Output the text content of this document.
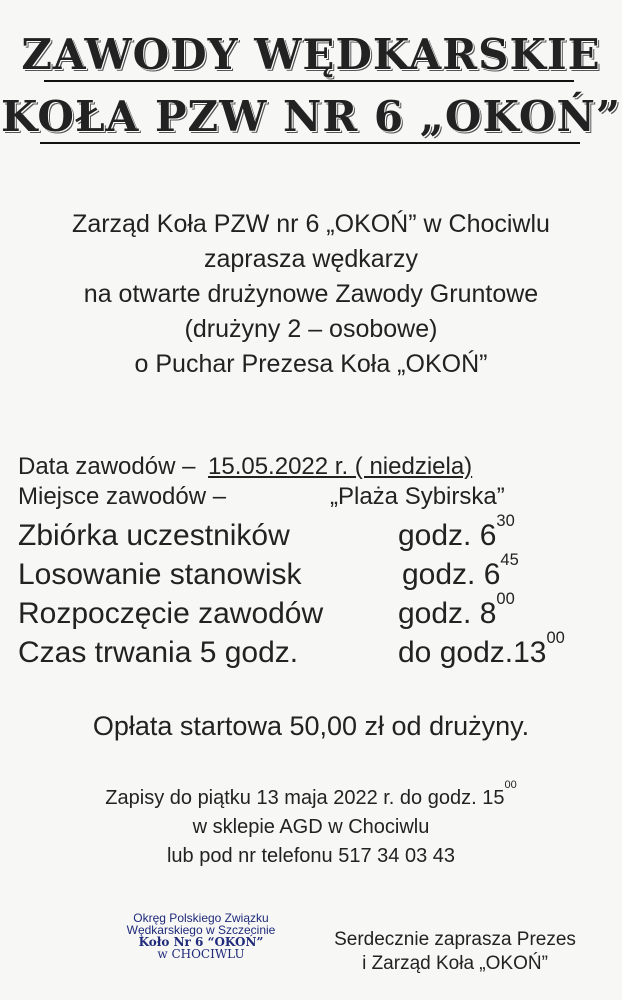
ZAWODY WĘDKARSKIE
KOŁA PZW NR 6 „OKOŃ”
Zarząd Koła PZW nr 6 „OKOŃ” w Chociwlu
zaprasza wędkarzy
na otwarte drużynowe Zawody Gruntowe
(drużyny 2 – osobowe)
o Puchar Prezesa Koła „OKOŃ”
Data zawodów – 15.05.2022 r. ( niedziela)
Miejsce zawodów –	„Plaża Sybirska”
Zbiórka uczestników	godz. $6^{30}$
Losowanie stanowisk	godz. $6^{45}$
Rozpoczęcie zawodów godz. $8^{00}$
Czas trwania 5 godz.	do $godz.13^{00}$
Opłata startowa 50,00 zł od drużyny.
Zapisy do piątku 13 maja 2022 r. do godz. $15^{00}$
w sklepie AGD w Chociwlu
lub pod nr telefonu 517 34 03 43
Okręg Polskiego Związku
Wędkarskiego w Szczecinie
Koło Nr 6 “OKOŃ”
w CHOCIWLU
Serdecznie zaprasza Prezes
i Zarząd Koła „OKOŃ”
